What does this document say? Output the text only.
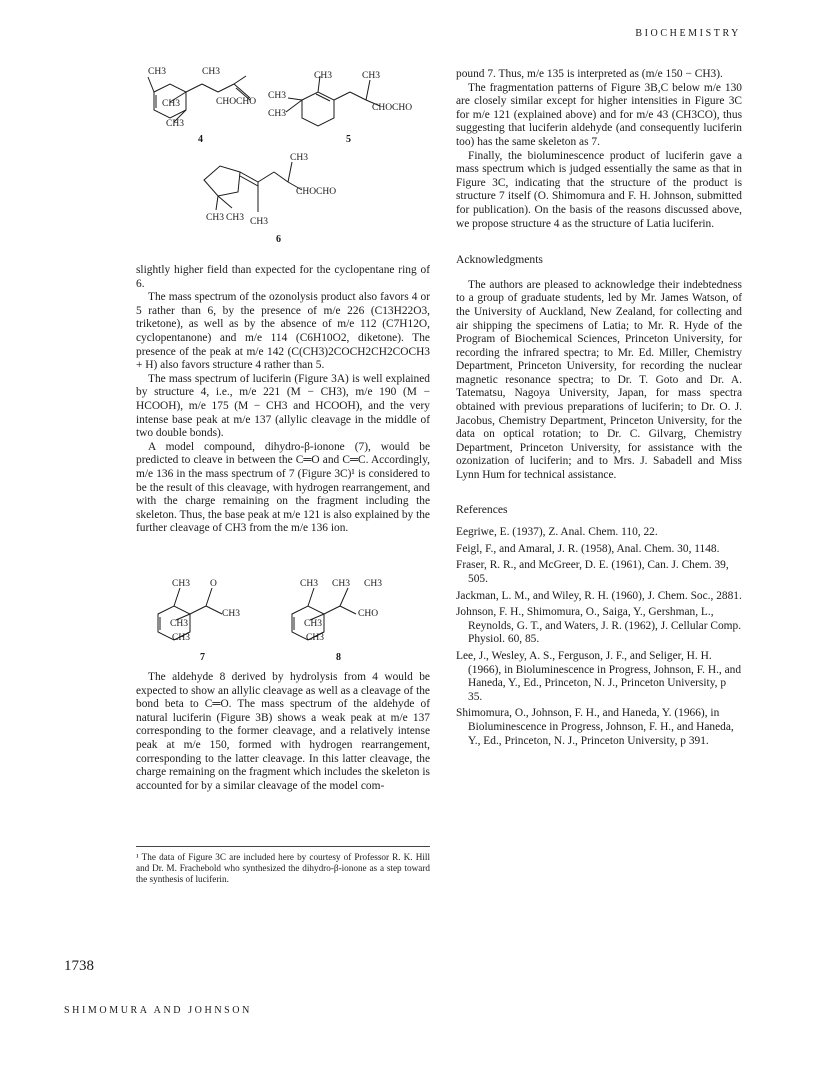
BIOCHEMISTRY
CH3	CH3
CH3
CH3
CHOCHO
4
CH3	CH3
CH3
CH3
CHOCHO
5
CH3
CH3 CH3 CH3
CHOCHO
6

slightly higher field than expected for the cyclopentane ring of 6.

The mass spectrum of the ozonolysis product also favors 4 or 5 rather than 6, by the presence of m/e 226 (C13H22O3, triketone), as well as by the absence of m/e 112 (C7H12O, cyclopentanone) and m/e 114 (C6H10O2, diketone). The presence of the peak at m/e 142 (C(CH3)2COCH2CH2COCH3 + H) also favors structure 4 rather than 5.

The mass spectrum of luciferin (Figure 3A) is well explained by structure 4, i.e., m/e 221 (M − CH3), m/e 190 (M − HCOOH), m/e 175 (M − CH3 and HCOOH), and the very intense base peak at m/e 137 (allylic cleavage in the middle of two double bonds).

A model compound, dihydro-β-ionone (7), would be predicted to cleave in between the C═O and C═C. Accordingly, m/e 136 in the mass spectrum of 7 (Figure 3C)¹ is considered to be the result of this cleavage, with hydrogen rearrangement, and with the charge remaining on the fragment including the skeleton. Thus, the base peak at m/e 121 is also explained by the further cleavage of CH3 from the m/e 136 ion.

CH3 O
CH3
CH3
CH3
7
CH3 CH3 CH3
CH3
CH3
CHO
8

The aldehyde 8 derived by hydrolysis from 4 would be expected to show an allylic cleavage as well as a cleavage of the bond beta to C═O. The mass spectrum of the aldehyde of natural luciferin (Figure 3B) shows a weak peak at m/e 137 corresponding to the former cleavage, and a relatively intense peak at m/e 150, formed with hydrogen rearrangement, corresponding to the latter cleavage. In this latter cleavage, the charge remaining on the fragment which includes the skeleton is accounted for by a similar cleavage of the model com-

¹ The data of Figure 3C are included here by courtesy of Professor R. K. Hill and Dr. M. Frachebold who synthesized the dihydro-β-ionone as a step toward the synthesis of luciferin.

pound 7. Thus, m/e 135 is interpreted as (m/e 150 − CH3).

The fragmentation patterns of Figure 3B,C below m/e 130 are closely similar except for higher intensities in Figure 3C for m/e 121 (explained above) and for m/e 43 (CH3CO), thus suggesting that luciferin aldehyde (and consequently luciferin too) has the same skeleton as 7.

Finally, the bioluminescence product of luciferin gave a mass spectrum which is judged essentially the same as that in Figure 3C, indicating that the structure of the product is structure 7 itself (O. Shimomura and F. H. Johnson, submitted for publication). On the basis of the reasons discussed above, we propose structure 4 as the structure of Latia luciferin.

Acknowledgments

The authors are pleased to acknowledge their indebtedness to a group of graduate students, led by Mr. James Watson, of the University of Auckland, New Zealand, for collecting and air shipping the specimens of Latia; to Mr. R. Hyde of the Program of Biochemical Sciences, Princeton University, for recording the infrared spectra; to Mr. Ed. Miller, Chemistry Department, Princeton University, for recording the nuclear magnetic resonance spectra; to Dr. T. Goto and Dr. A. Tatematsu, Nagoya University, Japan, for mass spectra obtained with previous preparations of luciferin; to Dr. O. J. Jacobus, Chemistry Department, Princeton University, for the data on optical rotation; to Dr. C. Gilvarg, Chemistry Department, Princeton University, for assistance with the ozonization of luciferin; and to Mrs. J. Sabadell and Miss Lynn Hum for technical assistance.

References

Eegriwe, E. (1937), Z. Anal. Chem. 110, 22.

Feigl, F., and Amaral, J. R. (1958), Anal. Chem. 30, 1148.

Fraser, R. R., and McGreer, D. E. (1961), Can. J. Chem. 39, 505.

Jackman, L. M., and Wiley, R. H. (1960), J. Chem. Soc., 2881.

Johnson, F. H., Shimomura, O., Saiga, Y., Gershman, L., Reynolds, G. T., and Waters, J. R. (1962), J. Cellular Comp. Physiol. 60, 85.

Lee, J., Wesley, A. S., Ferguson, J. F., and Seliger, H. H. (1966), in Bioluminescence in Progress, Johnson, F. H., and Haneda, Y., Ed., Princeton, N. J., Princeton University, p 35.

Shimomura, O., Johnson, F. H., and Haneda, Y. (1966), in Bioluminescence in Progress, Johnson, F. H., and Haneda, Y., Ed., Princeton, N. J., Princeton University, p 391.

1738
SHIMOMURA AND JOHNSON
